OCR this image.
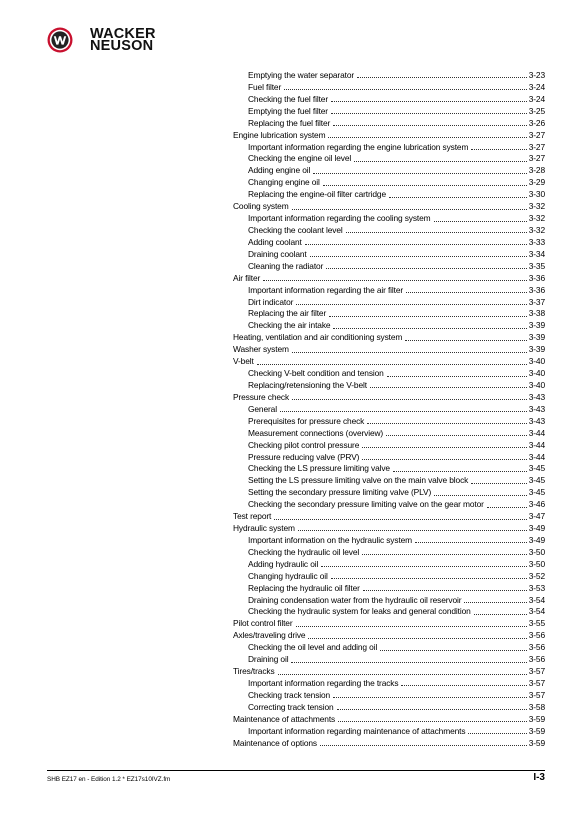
WACKER
NEUSON
Emptying the water separator	3-23
Fuel filter	3-24
Checking the fuel filter	3-24
Emptying the fuel filter	3-25
Replacing the fuel filter	3-26
Engine lubrication system	3-27
Important information regarding the engine lubrication system	3-27
Checking the engine oil level	3-27
Adding engine oil	3-28
Changing engine oil	3-29
Replacing the engine-oil filter cartridge	3-30
Cooling system	3-32
Important information regarding the cooling system	3-32
Checking the coolant level	3-32
Adding coolant	3-33
Draining coolant	3-34
Cleaning the radiator	3-35
Air filter	3-36
Important information regarding the air filter	3-36
Dirt indicator	3-37
Replacing the air filter	3-38
Checking the air intake	3-39
Heating, ventilation and air conditioning system	3-39
Washer system	3-39
V-belt	3-40
Checking V-belt condition and tension	3-40
Replacing/retensioning the V-belt	3-40
Pressure check	3-43
General	3-43
Prerequisites for pressure check	3-43
Measurement connections (overview)	3-44
Checking pilot control pressure	3-44
Pressure reducing valve (PRV)	3-44
Checking the LS pressure limiting valve	3-45
Setting the LS pressure limiting valve on the main valve block	3-45
Setting the secondary pressure limiting valve (PLV)	3-45
Checking the secondary pressure limiting valve on the gear motor	3-46
Test report	3-47
Hydraulic system	3-49
Important information on the hydraulic system	3-49
Checking the hydraulic oil level	3-50
Adding hydraulic oil	3-50
Changing hydraulic oil	3-52
Replacing the hydraulic oil filter	3-53
Draining condensation water from the hydraulic oil reservoir	3-54
Checking the hydraulic system for leaks and general condition	3-54
Pilot control filter	3-55
Axles/traveling drive	3-56
Checking the oil level and adding oil	3-56
Draining oil	3-56
Tires/tracks	3-57
Important information regarding the tracks	3-57
Checking track tension	3-57
Correcting track tension	3-58
Maintenance of attachments	3-59
Important information regarding maintenance of attachments	3-59
Maintenance of options	3-59
SHB EZ17 en - Edition 1.2 * EZ17s10IVZ.fm	I-3
